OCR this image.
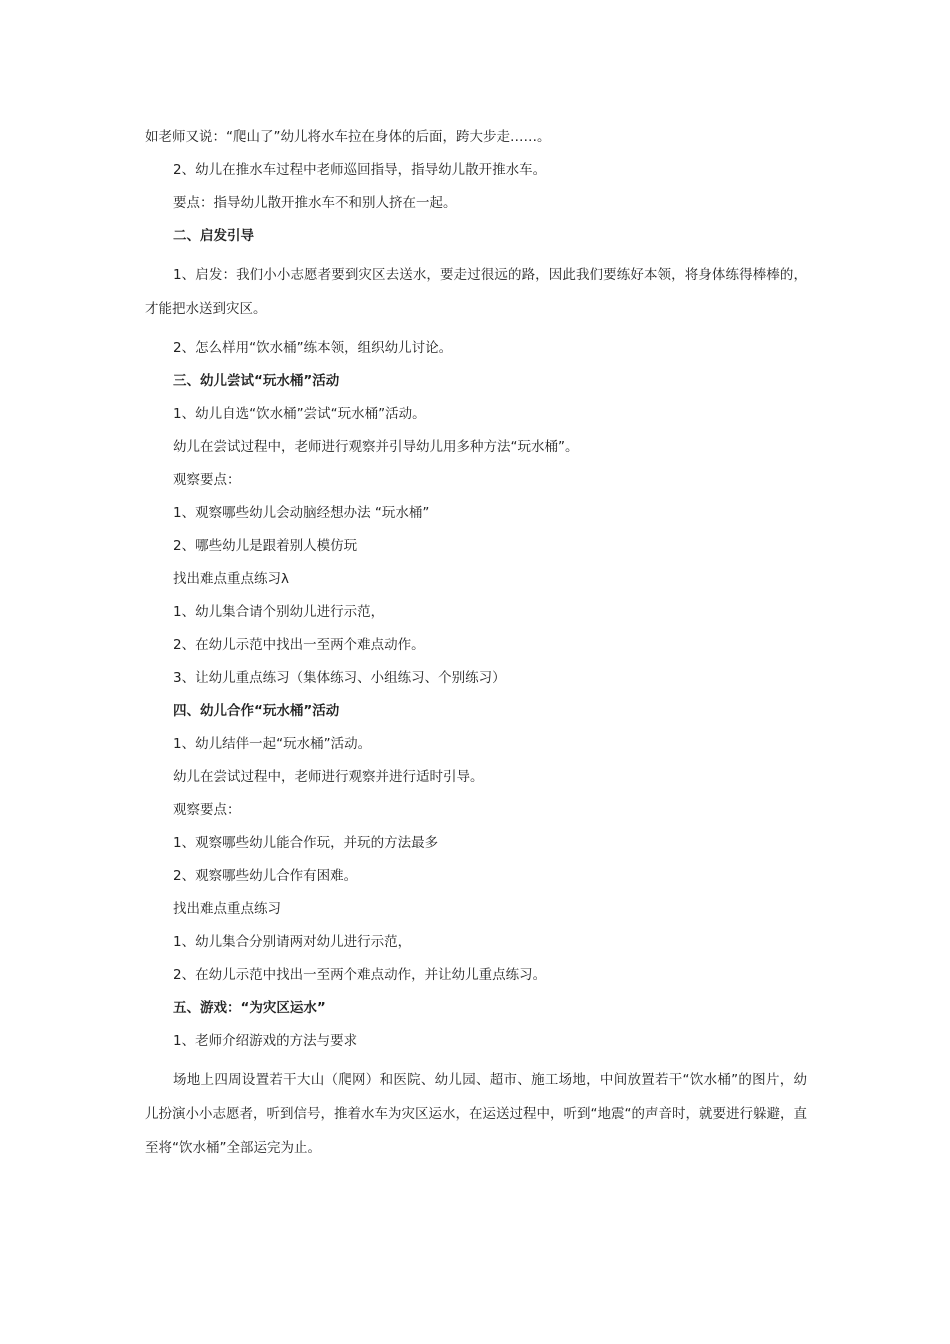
如老师又说：“爬山了”幼儿将水车拉在身体的后面，跨大步走……。

2、幼儿在推水车过程中老师巡回指导，指导幼儿散开推水车。

要点：指导幼儿散开推水车不和别人挤在一起。

二、启发引导

1、启发：我们小小志愿者要到灾区去送水，要走过很远的路，因此我们要练好本领，将身体练得棒棒的，才能把水送到灾区。

2、怎么样用“饮水桶”练本领，组织幼儿讨论。

三、幼儿尝试“玩水桶”活动

1、幼儿自选“饮水桶”尝试“玩水桶”活动。

幼儿在尝试过程中，老师进行观察并引导幼儿用多种方法“玩水桶”。

观察要点：

1、观察哪些幼儿会动脑经想办法 “玩水桶”

2、哪些幼儿是跟着别人模仿玩

找出难点重点练习λ

1、幼儿集合请个别幼儿进行示范，

2、在幼儿示范中找出一至两个难点动作。

3、让幼儿重点练习（集体练习、小组练习、个别练习）

四、幼儿合作“玩水桶”活动

1、幼儿结伴一起“玩水桶”活动。

幼儿在尝试过程中，老师进行观察并进行适时引导。

观察要点：

1、观察哪些幼儿能合作玩，并玩的方法最多

2、观察哪些幼儿合作有困难。

找出难点重点练习

1、幼儿集合分别请两对幼儿进行示范，

2、在幼儿示范中找出一至两个难点动作，并让幼儿重点练习。

五、游戏：“为灾区运水”

1、老师介绍游戏的方法与要求

场地上四周设置若干大山（爬网）和医院、幼儿园、超市、施工场地，中间放置若干“饮水桶”的图片，幼儿扮演小小志愿者，听到信号，推着水车为灾区运水，在运送过程中，听到“地震“的声音时，就要进行躲避，直至将“饮水桶”全部运完为止。
